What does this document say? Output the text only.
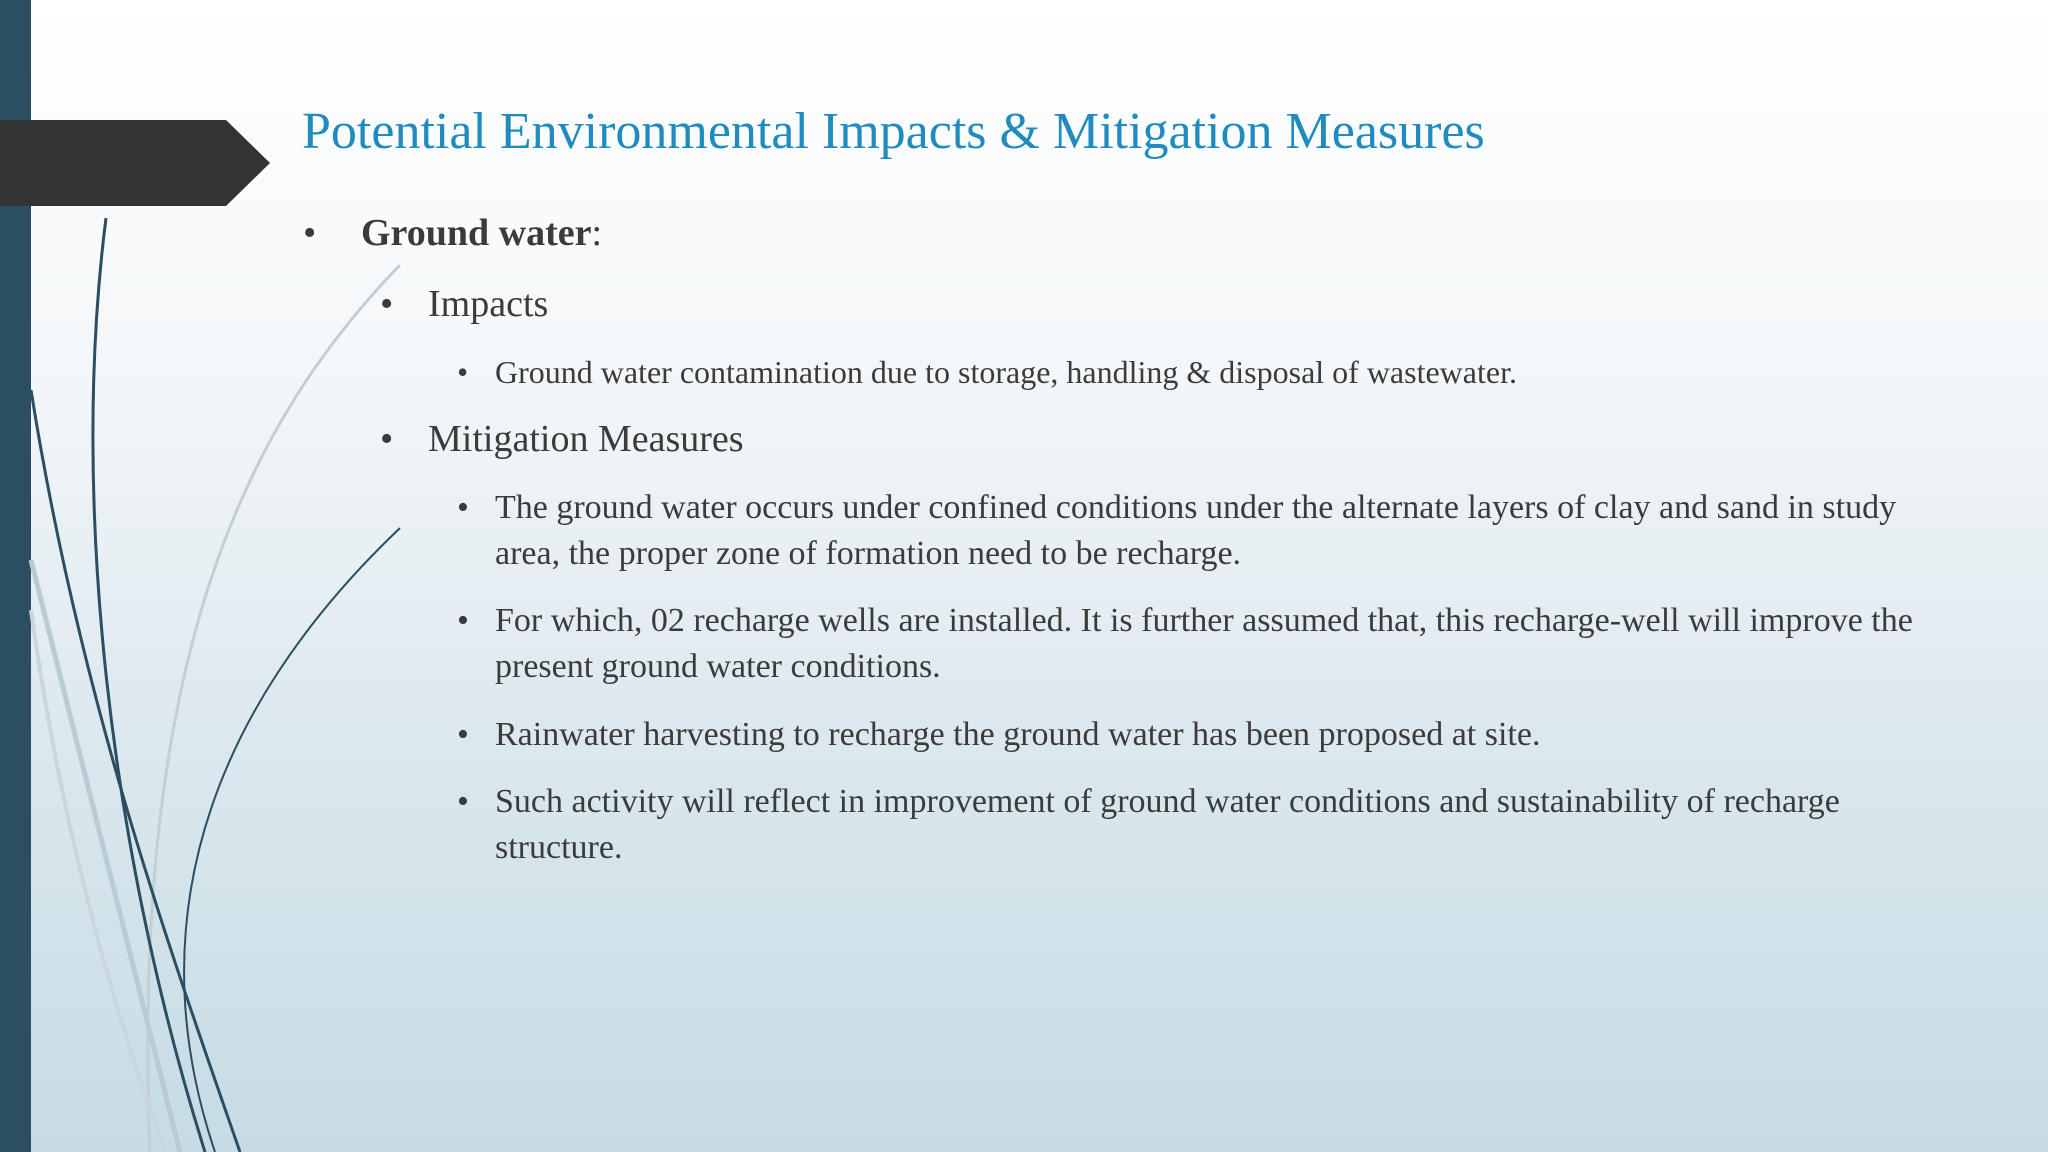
Potential Environmental Impacts & Mitigation Measures
• Ground water:
• Impacts
• Ground water contamination due to storage, handling & disposal of wastewater.
• Mitigation Measures
• The ground water occurs under confined conditions under the alternate layers of clay and sand in study area, the proper zone of formation need to be recharge.
• For which, 02 recharge wells are installed. It is further assumed that, this recharge-well will improve the present ground water conditions.
• Rainwater harvesting to recharge the ground water has been proposed at site.
• Such activity will reflect in improvement of ground water conditions and sustainability of recharge structure.
